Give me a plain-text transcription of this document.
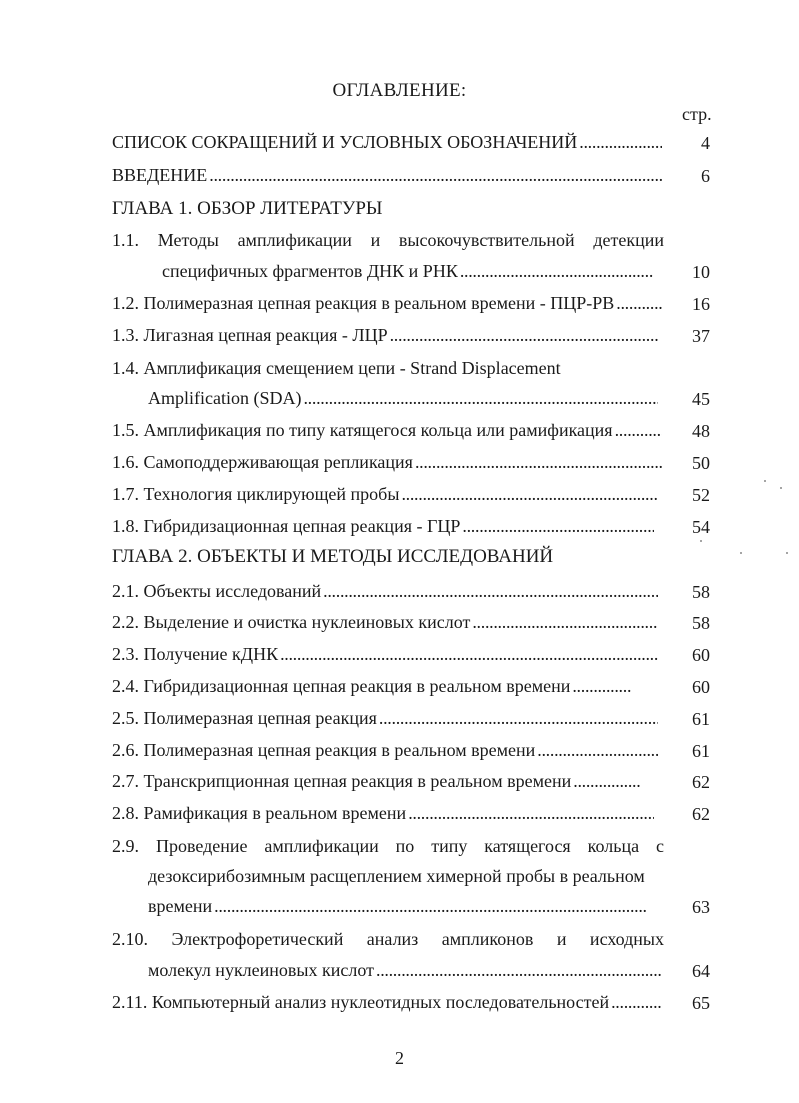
ОГЛАВЛЕНИЕ:
стр.
СПИСОК СОКРАЩЕНИЙ И УСЛОВНЫХ ОБОЗНАЧЕНИЙ . . .	4
ВВЕДЕНИЕ . . .	6
ГЛАВА 1. ОБЗОР ЛИТЕРАТУРЫ
1.1. Методы амплификации и высокочувствительной детекции
специфичных фрагментов ДНК и РНК . . .	10
1.2. Полимеразная цепная реакция в реальном времени - ПЦР-РВ . . .	16
1.3. Лигазная цепная реакция - ЛЦР . . .	37
1.4. Амплификация смещением цепи - Strand Displacement
Amplification (SDA) . . .	45
1.5. Амплификация по типу катящегося кольца или рамификация . . .	48
1.6. Самоподдерживающая репликация . . .	50
1.7. Технология циклирующей пробы . . .	52
1.8. Гибридизационная цепная реакция - ГЦР . . .	54
ГЛАВА 2. ОБЪЕКТЫ И МЕТОДЫ ИССЛЕДОВАНИЙ
2.1. Объекты исследований . . .	58
2.2. Выделение и очистка нуклеиновых кислот . . .	58
2.3. Получение кДНК . . .	60
2.4. Гибридизационная цепная реакция в реальном времени . . .	60
2.5. Полимеразная цепная реакция . . .	61
2.6. Полимеразная цепная реакция в реальном времени . . .	61
2.7. Транскрипционная цепная реакция в реальном времени . . .	62
2.8. Рамификация в реальном времени . . .	62
2.9. Проведение амплификации по типу катящегося кольца с
дезоксирибозимным расщеплением химерной пробы в реальном
времени . . .	63
2.10. Электрофоретический анализ ампликонов и исходных
молекул нуклеиновых кислот . . .	64
2.11. Компьютерный анализ нуклеотидных последовательностей . . .	65
2
